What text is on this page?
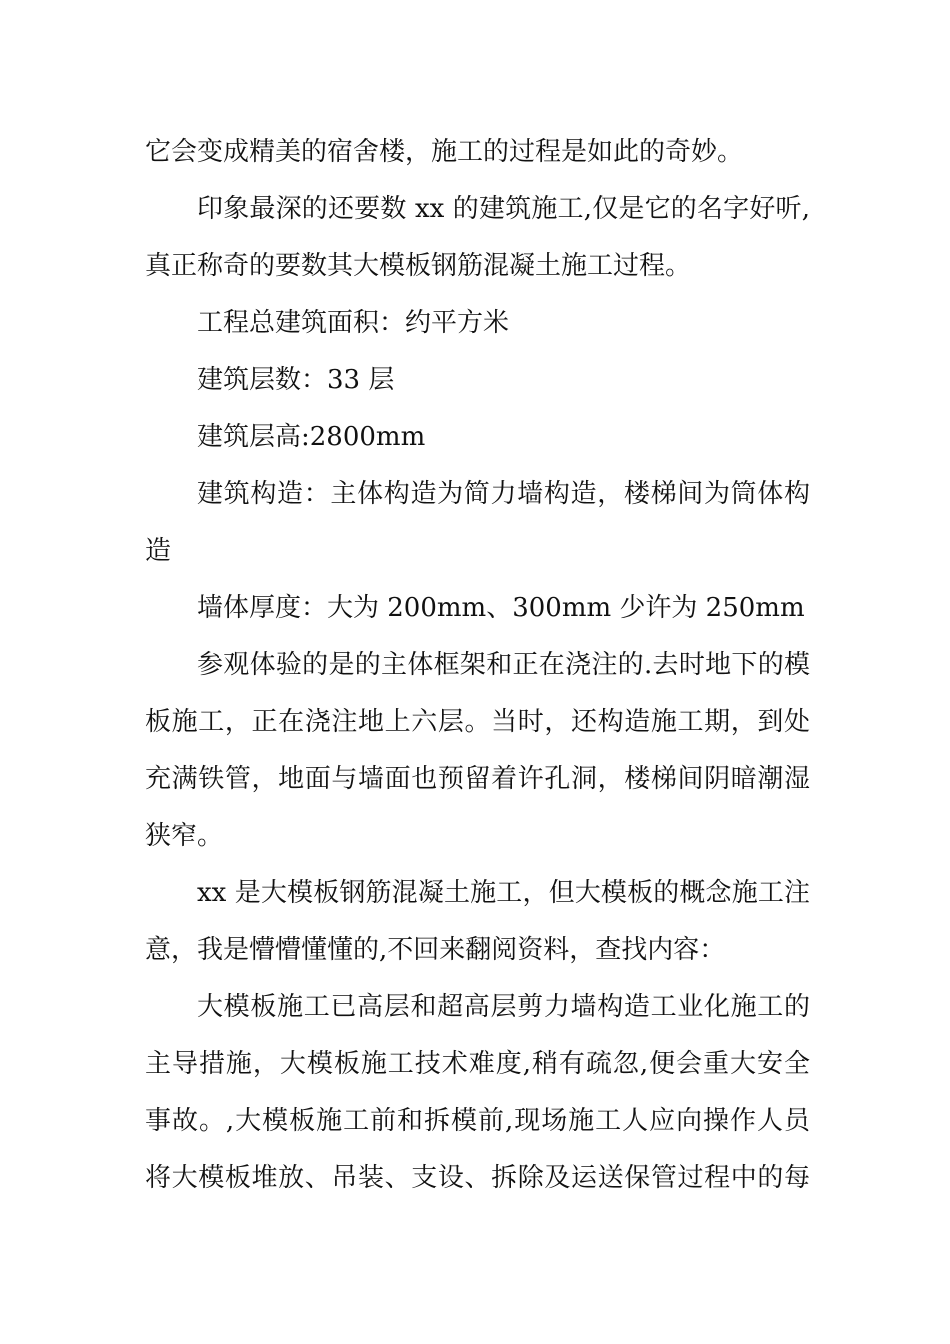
它会变成精美的宿舍楼，施工的过程是如此的奇妙。
印象最深的还要数 xx 的建筑施工,仅是它的名字好听,
真正称奇的要数其大模板钢筋混凝土施工过程。
工程总建筑面积：约平方米
建筑层数：33 层
建筑层高:2800mm
建筑构造：主体构造为简力墙构造，楼梯间为筒体构
造
墙体厚度：大为 200mm、300mm 少许为 250mm
参观体验的是的主体框架和正在浇注的.去时地下的模
板施工，正在浇注地上六层。当时，还构造施工期，到处
充满铁管，地面与墙面也预留着许孔洞，楼梯间阴暗潮湿
狭窄。
xx 是大模板钢筋混凝土施工，但大模板的概念施工注
意，我是懵懵懂懂的,不回来翻阅资料，查找内容：
大模板施工已高层和超高层剪力墙构造工业化施工的
主导措施，大模板施工技术难度,稍有疏忽,便会重大安全
事故。,大模板施工前和拆模前,现场施工人应向操作人员
将大模板堆放、吊装、支设、拆除及运送保管过程中的每
